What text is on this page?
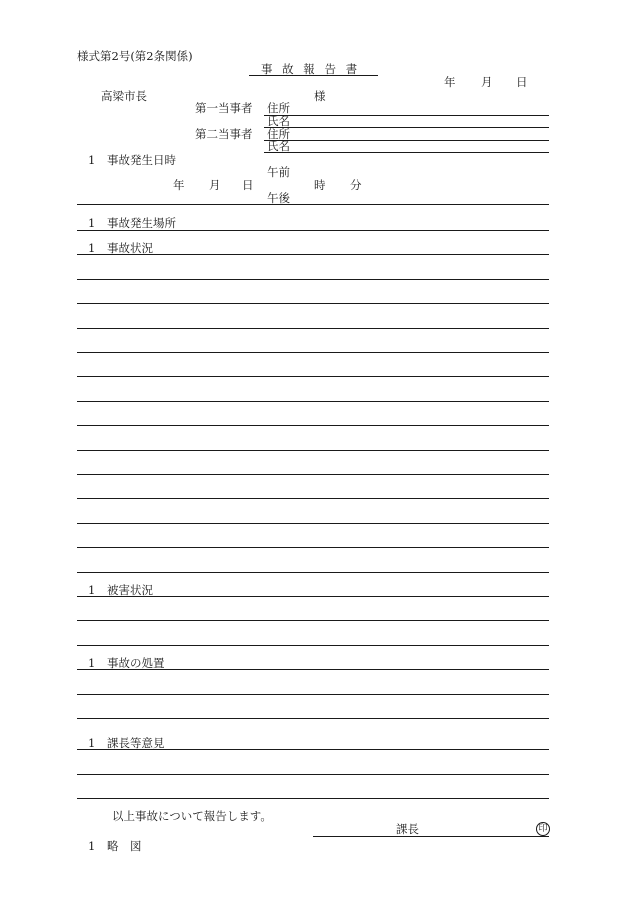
様式第2号(第2条関係)
事 故 報 告 書
年 月 日
高梁市長	様
第一当事者 住所
氏名
第二当事者 住所
氏名
1 事故発生日時
午前
年 月 日	時 分
午後
1 事故発生場所
1 事故状況
1 被害状況
1 事故の処置
1 課長等意見
以上事故について報告します。
課長	印
1 略　図
